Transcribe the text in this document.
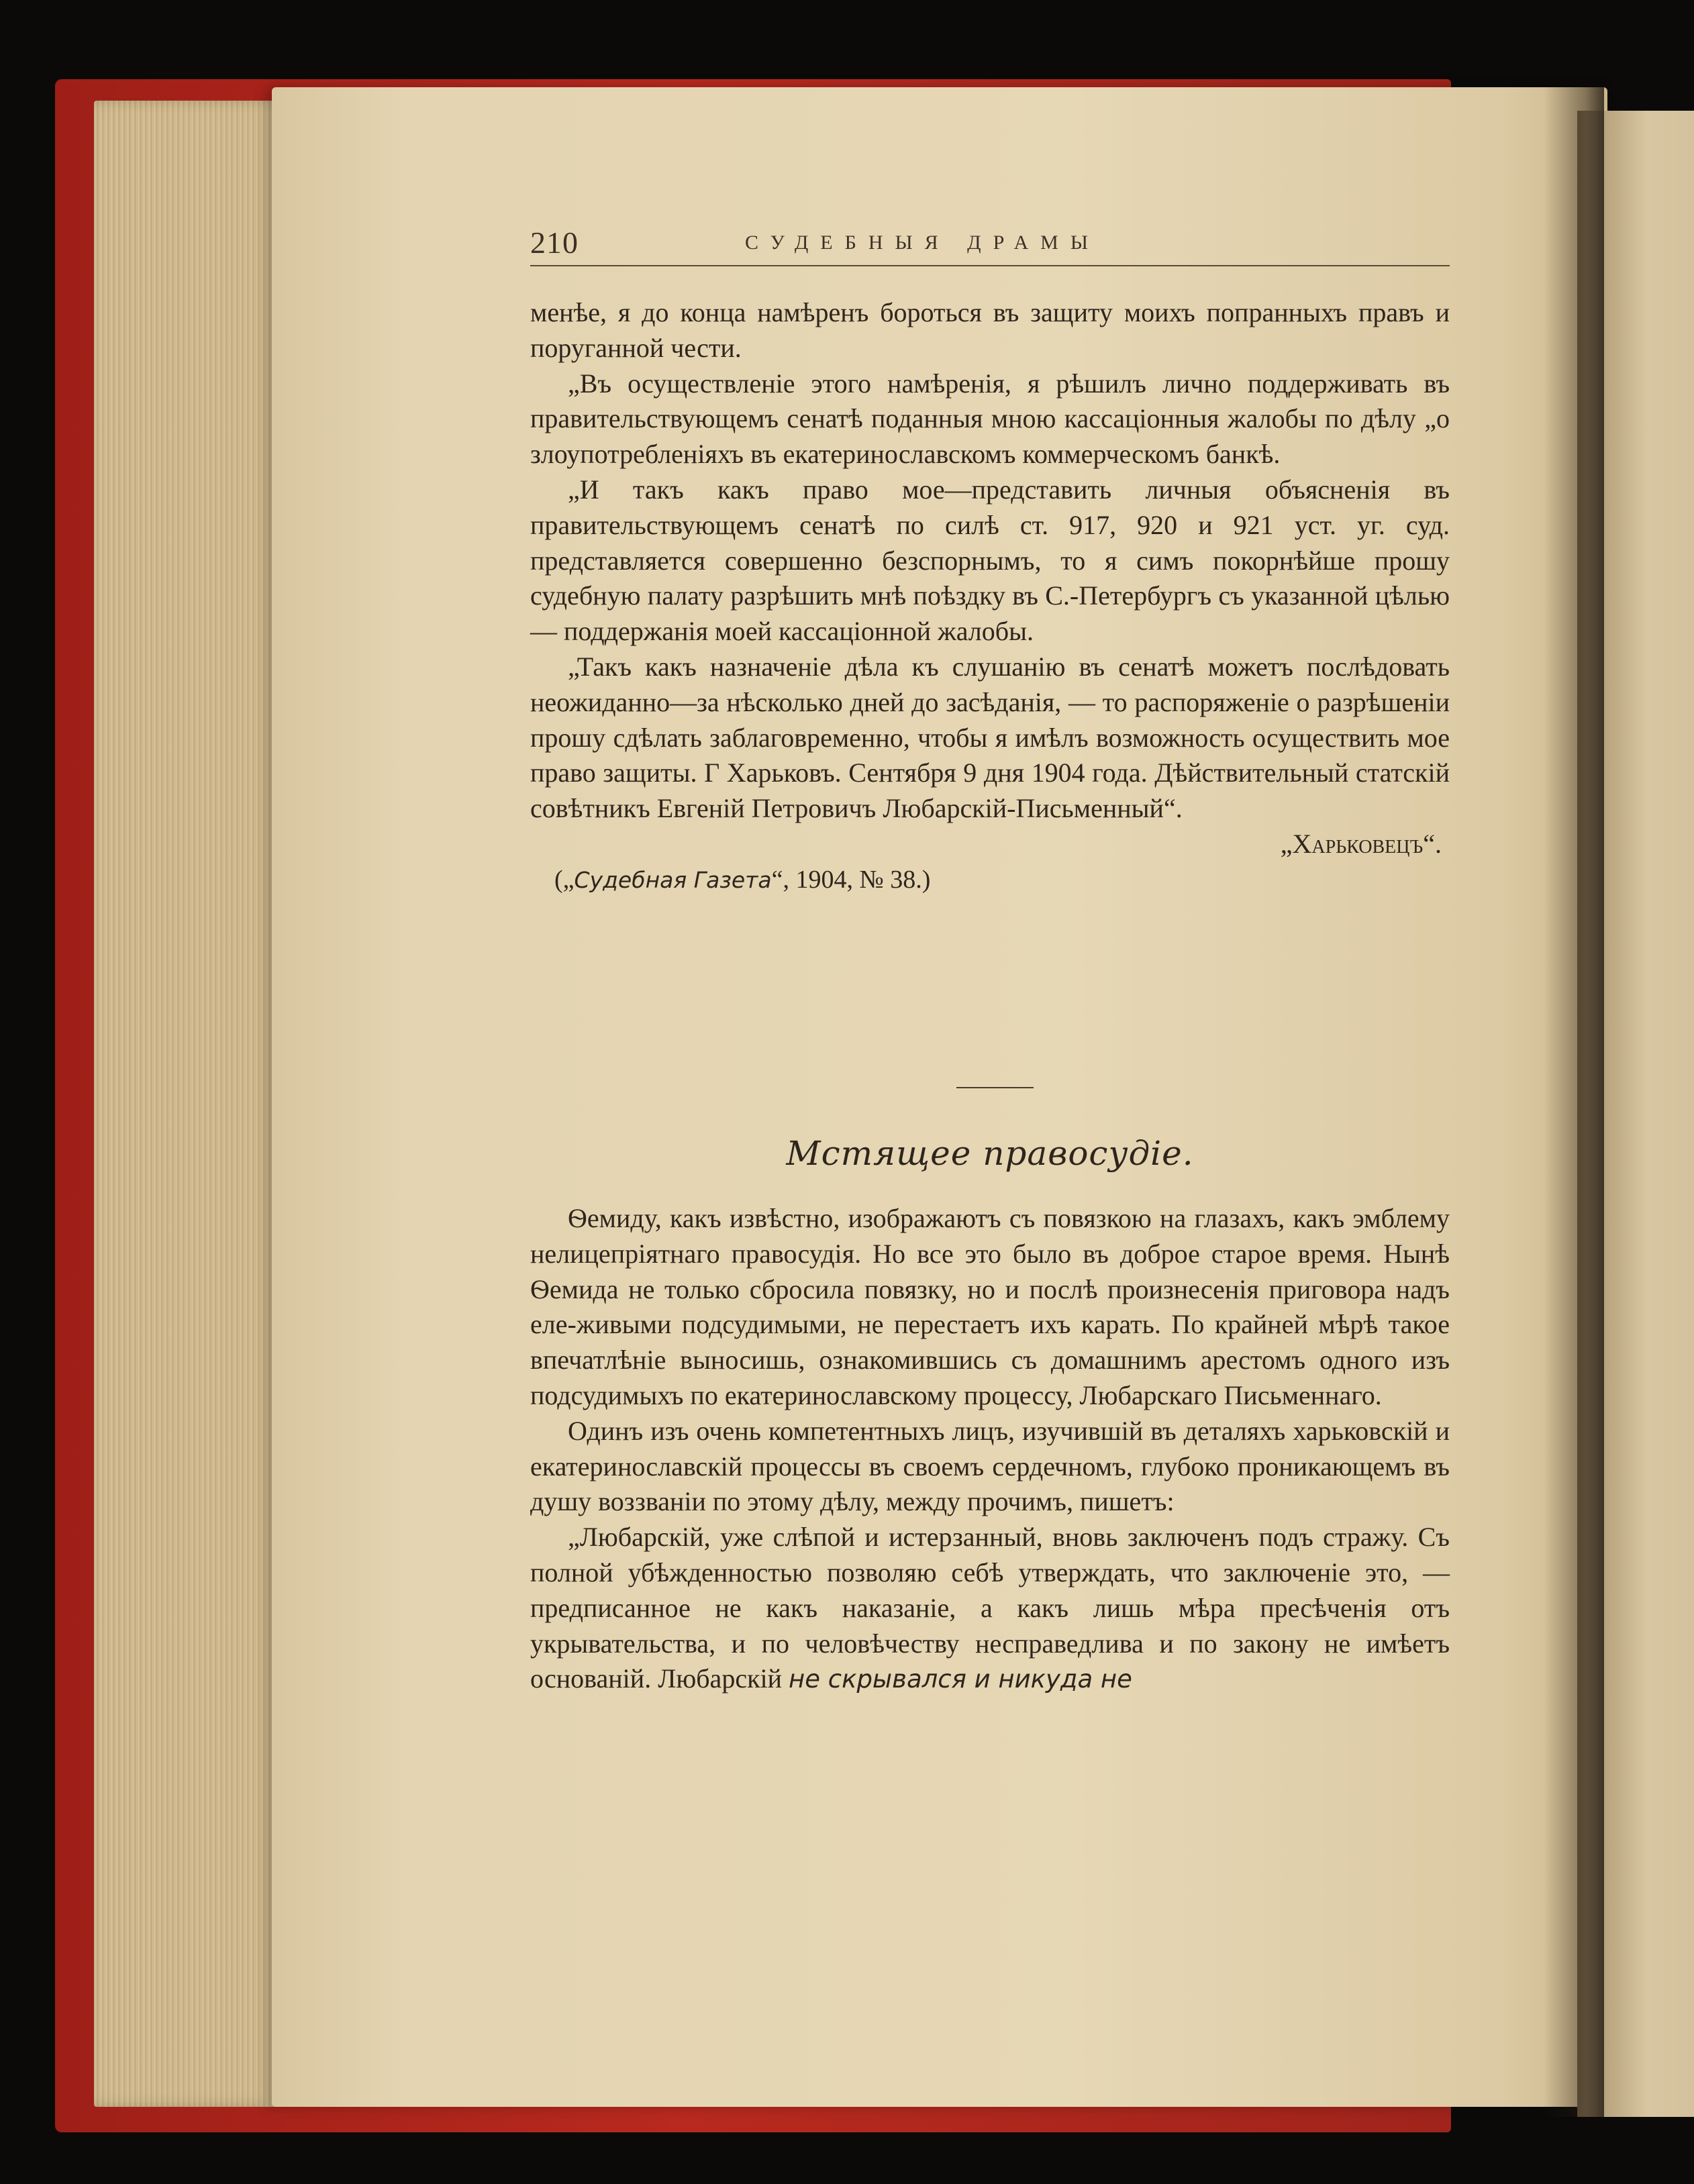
210	СУДЕБНЫЯ ДРАМЫ

менѣе, я до конца намѣренъ бороться въ защиту моихъ попранныхъ правъ и поруганной чести.

„Въ осуществленіе этого намѣренія, я рѣшилъ лично поддерживать въ правительствующемъ сенатѣ поданныя мною кассаціонныя жалобы по дѣлу „о злоупотребленіяхъ въ екатеринославскомъ коммерческомъ банкѣ.

„И такъ какъ право мое—представить личныя объясненія въ правительствующемъ сенатѣ по силѣ ст. 917, 920 и 921 уст. уг. суд. представляется совершенно безспорнымъ, то я симъ покорнѣйше прошу судебную палату разрѣшить мнѣ поѣздку въ С.-Петербургъ съ указанной цѣлью — поддержанія моей кассаціонной жалобы.

„Такъ какъ назначеніе дѣла къ слушанію въ сенатѣ можетъ послѣдовать неожиданно—за нѣсколько дней до засѣданія, — то распоряженіе о разрѣшеніи прошу сдѣлать заблаговременно, чтобы я имѣлъ возможность осуществить мое право защиты. Г Харьковъ. Сентября 9 дня 1904 года. Дѣйствительный статскій совѣтникъ Евгеній Петровичъ Любарскій-Письменный“.

„Харьковецъ“.

(„Судебная Газета“, 1904, № 38.)

Мстящее правосудіе.

Ѳемиду, какъ извѣстно, изображаютъ съ повязкою на глазахъ, какъ эмблему нелицепріятнаго правосудія. Но все это было въ доброе старое время. Нынѣ Ѳемида не только сбросила повязку, но и послѣ произнесенія приговора надъ еле-живыми подсудимыми, не перестаетъ ихъ карать. По крайней мѣрѣ такое впечатлѣніе выносишь, ознакомившись съ домашнимъ арестомъ одного изъ подсудимыхъ по екатеринославскому процессу, Любарскаго Письменнаго.

Одинъ изъ очень компетентныхъ лицъ, изучившій въ деталяхъ харьковскій и екатеринославскій процессы въ своемъ сердечномъ, глубоко проникающемъ въ душу воззваніи по этому дѣлу, между прочимъ, пишетъ:

„Любарскій, уже слѣпой и истерзанный, вновь заключенъ подъ стражу. Съ полной убѣжденностью позволяю себѣ утверждать, что заключеніе это, — предписанное не какъ наказаніе, а какъ лишь мѣра пресѣченія отъ укрывательства, и по человѣчеству несправедлива и по закону не имѣетъ основаній. Любарскій не скрывался и никуда не
